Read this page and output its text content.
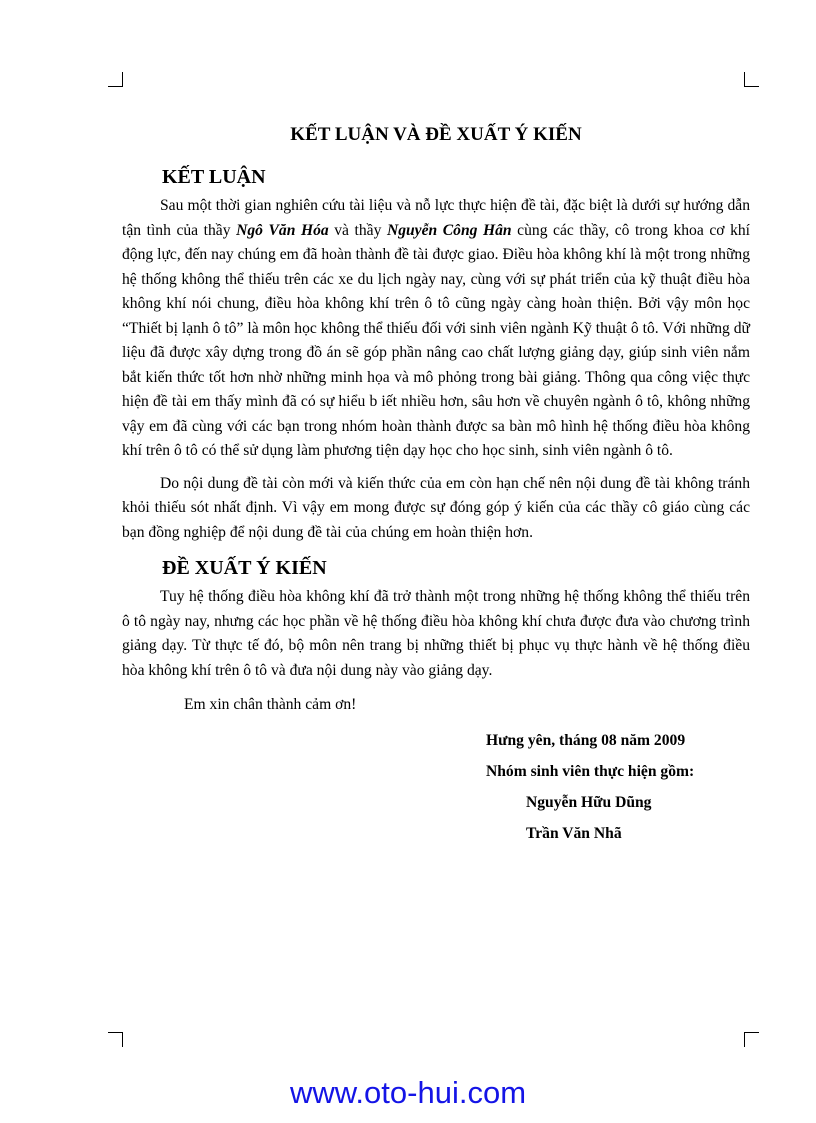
KẾT LUẬN VÀ ĐỀ XUẤT Ý KIẾN
KẾT LUẬN

Sau một thời gian nghiên cứu tài liệu và nỗ lực thực hiện đề tài, đặc biệt là dưới sự hướng dẫn tận tình của thầy Ngô Văn Hóa và thầy Nguyễn Công Hân cùng các thầy, cô trong khoa cơ khí động lực, đến nay chúng em đã hoàn thành đề tài được giao. Điều hòa không khí là một trong những hệ thống không thể thiếu trên các xe du lịch ngày nay, cùng với sự phát triển của kỹ thuật điều hòa không khí nói chung, điều hòa không khí trên ô tô cũng ngày càng hoàn thiện. Bởi vậy môn học “Thiết bị lạnh ô tô” là môn học không thể thiếu đối với sinh viên ngành Kỹ thuật ô tô. Với những dữ liệu đã được xây dựng trong đồ án sẽ góp phần nâng cao chất lượng giảng dạy, giúp sinh viên nắm bắt kiến thức tốt hơn nhờ những minh họa và mô phỏng trong bài giảng. Thông qua công việc thực hiện đề tài em thấy mình đã có sự hiểu b iết nhiều hơn, sâu hơn về chuyên ngành ô tô, không những vậy em đã cùng với các bạn trong nhóm hoàn thành được sa bàn mô hình hệ thống điều hòa không khí trên ô tô có thể sử dụng làm phương tiện dạy học cho học sinh, sinh viên ngành ô tô.

Do nội dung đề tài còn mới và kiến thức của em còn hạn chế nên nội dung đề tài không tránh khỏi thiếu sót nhất định. Vì vậy em mong được sự đóng góp ý kiến của các thầy cô giáo cùng các bạn đồng nghiệp để nội dung đề tài của chúng em hoàn thiện hơn.

ĐỀ XUẤT Ý KIẾN

Tuy hệ thống điều hòa không khí đã trở thành một trong những hệ thống không thể thiếu trên ô tô ngày nay, nhưng các học phần về hệ thống điều hòa không khí chưa được đưa vào chương trình giảng dạy. Từ thực tế đó, bộ môn nên trang bị những thiết bị phục vụ thực hành về hệ thống điều hòa không khí trên ô tô và đưa nội dung này vào giảng dạy.

Em xin chân thành cảm ơn!
Hưng yên, tháng 08 năm 2009
Nhóm sinh viên thực hiện gồm:
Nguyễn Hữu Dũng
Trần Văn Nhã
www.oto-hui.com
